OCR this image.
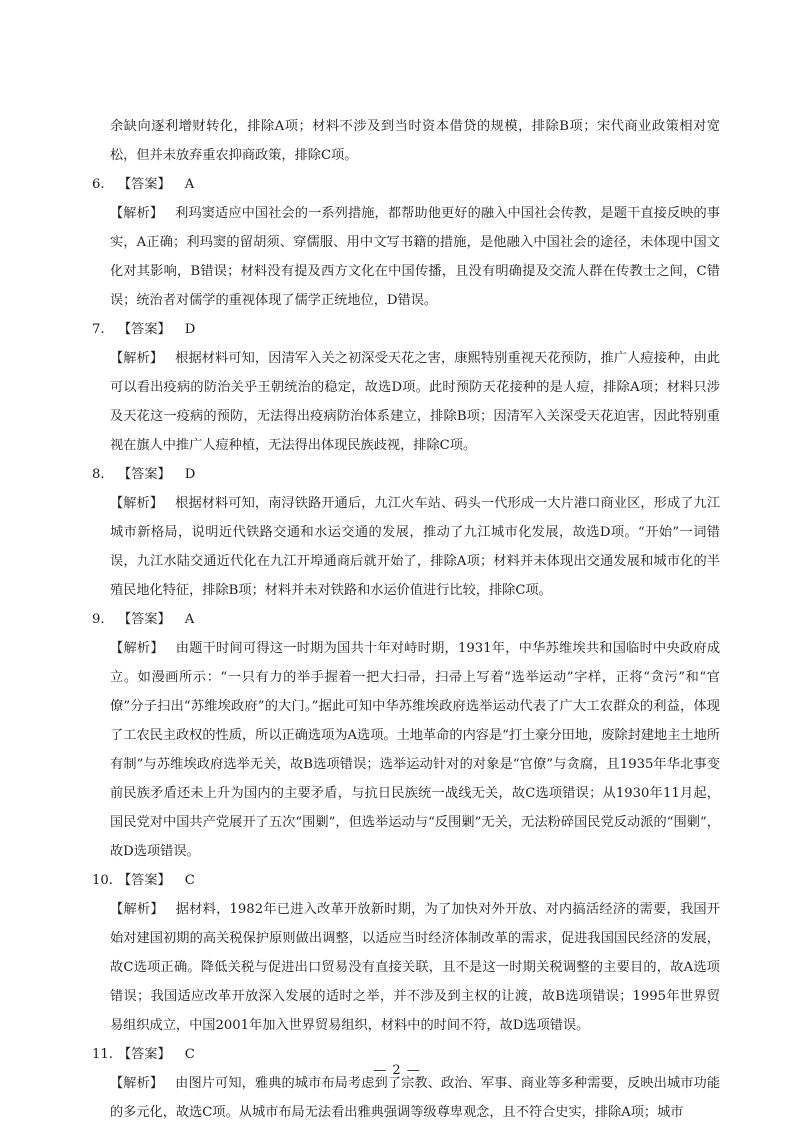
余缺向逐利增财转化，排除A项；材料不涉及到当时资本借贷的规模，排除B项；宋代商业政策相对宽松，但并未放弃重农抑商政策，排除C项。

6. 【答案】 A

【解析】 利玛窦适应中国社会的一系列措施，都帮助他更好的融入中国社会传教，是题干直接反映的事实，A正确；利玛窦的留胡须、穿儒服、用中文写书籍的措施，是他融入中国社会的途径，未体现中国文化对其影响，B错误；材料没有提及西方文化在中国传播，且没有明确提及交流人群在传教士之间，C错误；统治者对儒学的重视体现了儒学正统地位，D错误。

7. 【答案】 D

【解析】 根据材料可知，因清军入关之初深受天花之害，康熙特别重视天花预防，推广人痘接种，由此可以看出疫病的防治关乎王朝统治的稳定，故选D项。此时预防天花接种的是人痘，排除A项；材料只涉及天花这一疫病的预防，无法得出疫病防治体系建立，排除B项；因清军入关深受天花迫害，因此特别重视在旗人中推广人痘种植，无法得出体现民族歧视，排除C项。

8. 【答案】 D

【解析】 根据材料可知，南浔铁路开通后，九江火车站、码头一代形成一大片港口商业区，形成了九江城市新格局，说明近代铁路交通和水运交通的发展，推动了九江城市化发展，故选D项。“开始”一词错误，九江水陆交通近代化在九江开埠通商后就开始了，排除A项；材料并未体现出交通发展和城市化的半殖民地化特征，排除B项；材料并未对铁路和水运价值进行比较，排除C项。

9. 【答案】 A

【解析】 由题干时间可得这一时期为国共十年对峙时期，1931年，中华苏维埃共和国临时中央政府成立。如漫画所示：“一只有力的举手握着一把大扫帚，扫帚上写着“选举运动”字样，正将“贪污”和“官僚”分子扫出“苏维埃政府”的大门。”据此可知中华苏维埃政府选举运动代表了广大工农群众的利益，体现了工农民主政权的性质，所以正确选项为A选项。土地革命的内容是“打土豪分田地，废除封建地主土地所有制”与苏维埃政府选举无关，故B选项错误；选举运动针对的对象是“官僚”与贪腐，且1935年华北事变前民族矛盾还未上升为国内的主要矛盾，与抗日民族统一战线无关，故C选项错误；从1930年11月起，国民党对中国共产党展开了五次“围剿”，但选举运动与“反围剿”无关，无法粉碎国民党反动派的“围剿”，故D选项错误。

10. 【答案】 C

【解析】 据材料，1982年已进入改革开放新时期，为了加快对外开放、对内搞活经济的需要，我国开始对建国初期的高关税保护原则做出调整，以适应当时经济体制改革的需求，促进我国国民经济的发展，故C选项正确。降低关税与促进出口贸易没有直接关联，且不是这一时期关税调整的主要目的，故A选项错误；我国适应改革开放深入发展的适时之举，并不涉及到主权的让渡，故B选项错误；1995年世界贸易组织成立，中国2001年加入世界贸易组织，材料中的时间不符，故D选项错误。

11. 【答案】 C

【解析】 由图片可知，雅典的城市布局考虑到了宗教、政治、军事、商业等多种需要，反映出城市功能的多元化，故选C项。从城市布局无法看出雅典强调等级尊卑观念，且不符合史实，排除A项；城市

— 2 —
